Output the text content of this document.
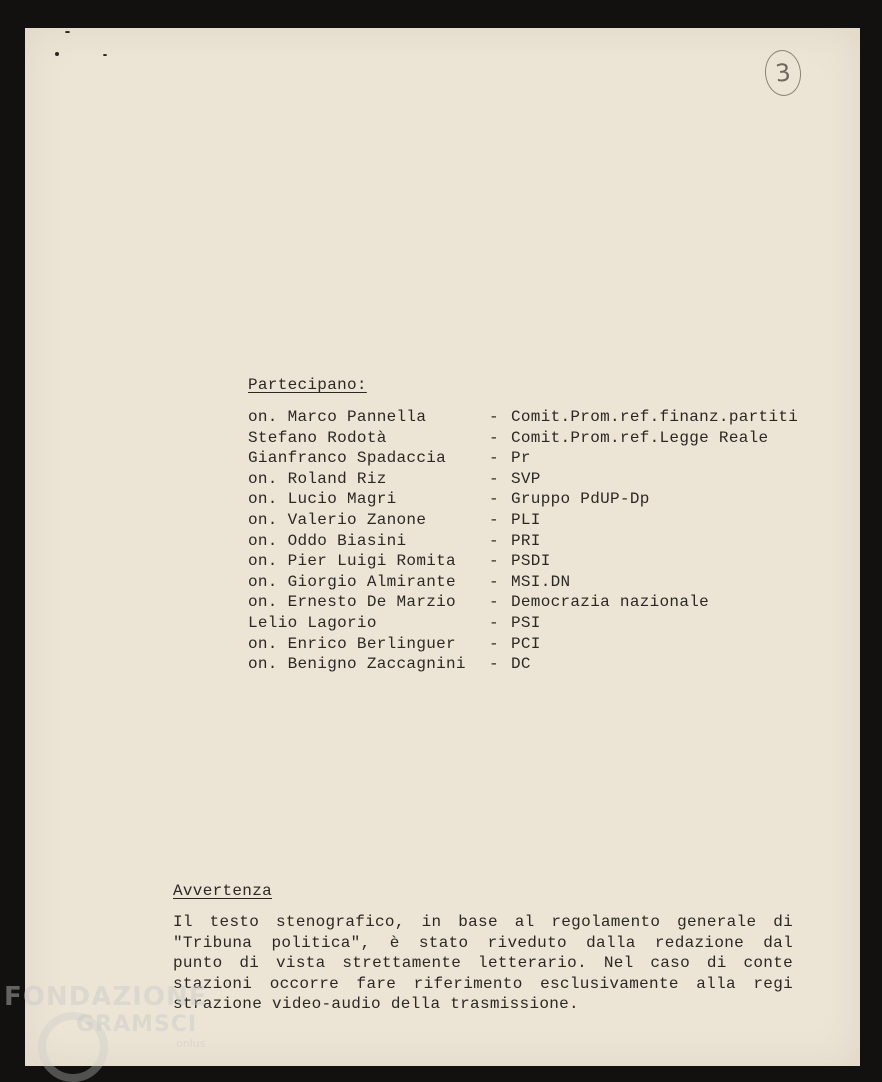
3
Partecipano:
on. Marco Pannella	- Comit.Prom.ref.finanz.partiti
Stefano Rodotà	- Comit.Prom.ref.Legge Reale
Gianfranco Spadaccia	- Pr
on. Roland Riz	- SVP
on. Lucio Magri	- Gruppo PdUP-Dp
on. Valerio Zanone	- PLI
on. Oddo Biasini	- PRI
on. Pier Luigi Romita - PSDI
on. Giorgio Almirante - MSI.DN
on. Ernesto De Marzio - Democrazia nazionale
Lelio Lagorio	- PSI
on. Enrico Berlinguer - PCI
on. Benigno Zaccagnini - DC
Avvertenza
Il testo stenografico, in base al regolamento generale di
"Tribuna politica", è stato riveduto dalla redazione dal
punto di vista strettamente letterario. Nel caso di conte
stazioni occorre fare riferimento esclusivamente alla regi
strazione video-audio della trasmissione.
FONDAZIONE
GRAMSCI
onlus
